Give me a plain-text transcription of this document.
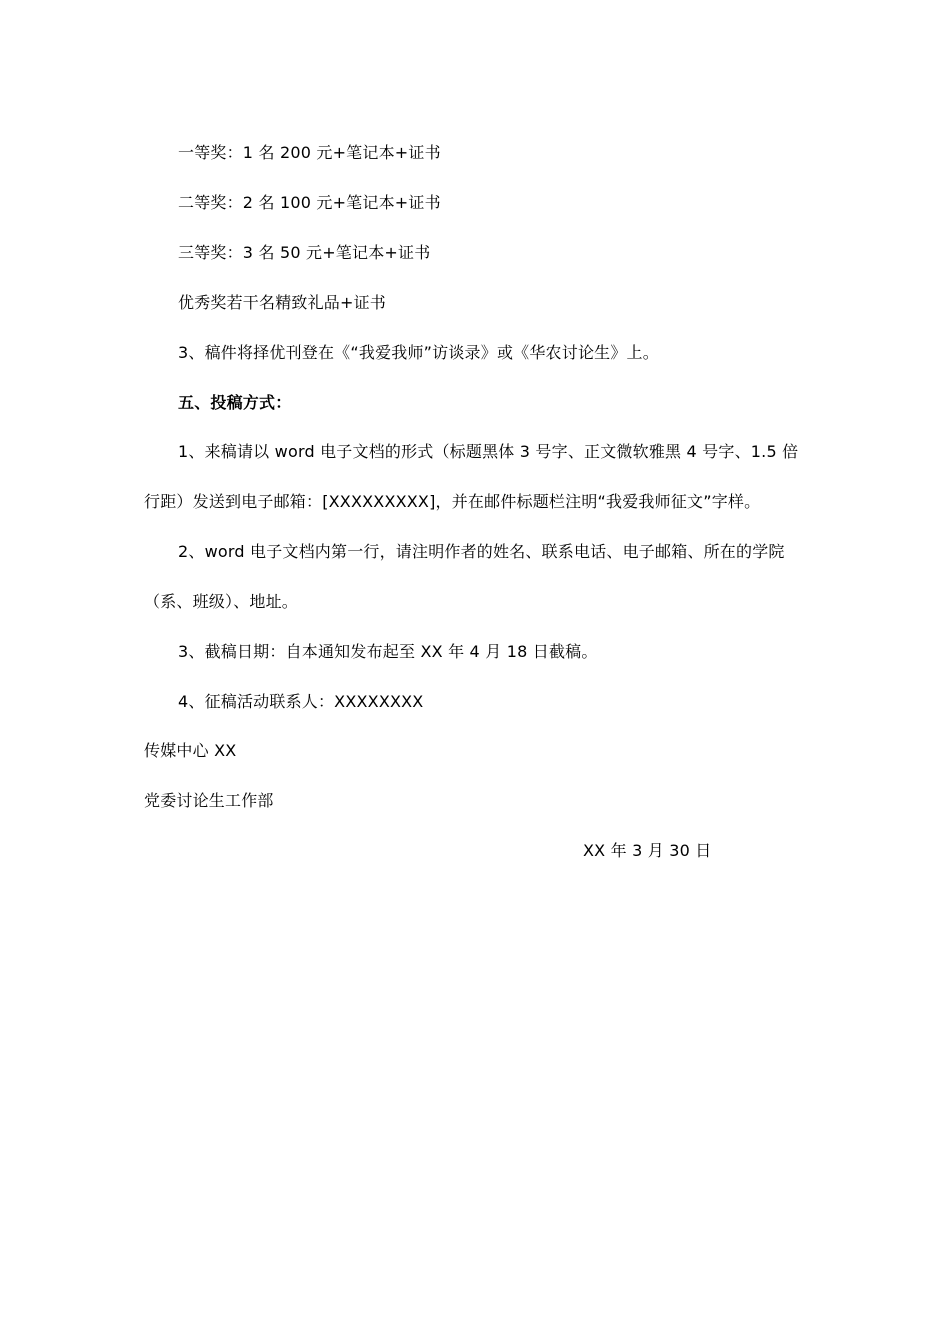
一等奖：1 名 200 元+笔记本+证书
二等奖：2 名 100 元+笔记本+证书
三等奖：3 名 50 元+笔记本+证书
优秀奖若干名精致礼品+证书
3、稿件将择优刊登在《“我爱我师”访谈录》或《华农讨论生》上。
五、投稿方式：
1、来稿请以 word 电子文档的形式（标题黑体 3 号字、正文微软雅黑 4 号字、1.5 倍
行距）发送到电子邮箱：[XXXXXXXXX]，并在邮件标题栏注明“我爱我师征文”字样。
2、word 电子文档内第一行，请注明作者的姓名、联系电话、电子邮箱、所在的学院
（系、班级）、地址。
3、截稿日期：自本通知发布起至 XX 年 4 月 18 日截稿。
4、征稿活动联系人：XXXXXXXX
传媒中心 XX
党委讨论生工作部
XX 年 3 月 30 日
